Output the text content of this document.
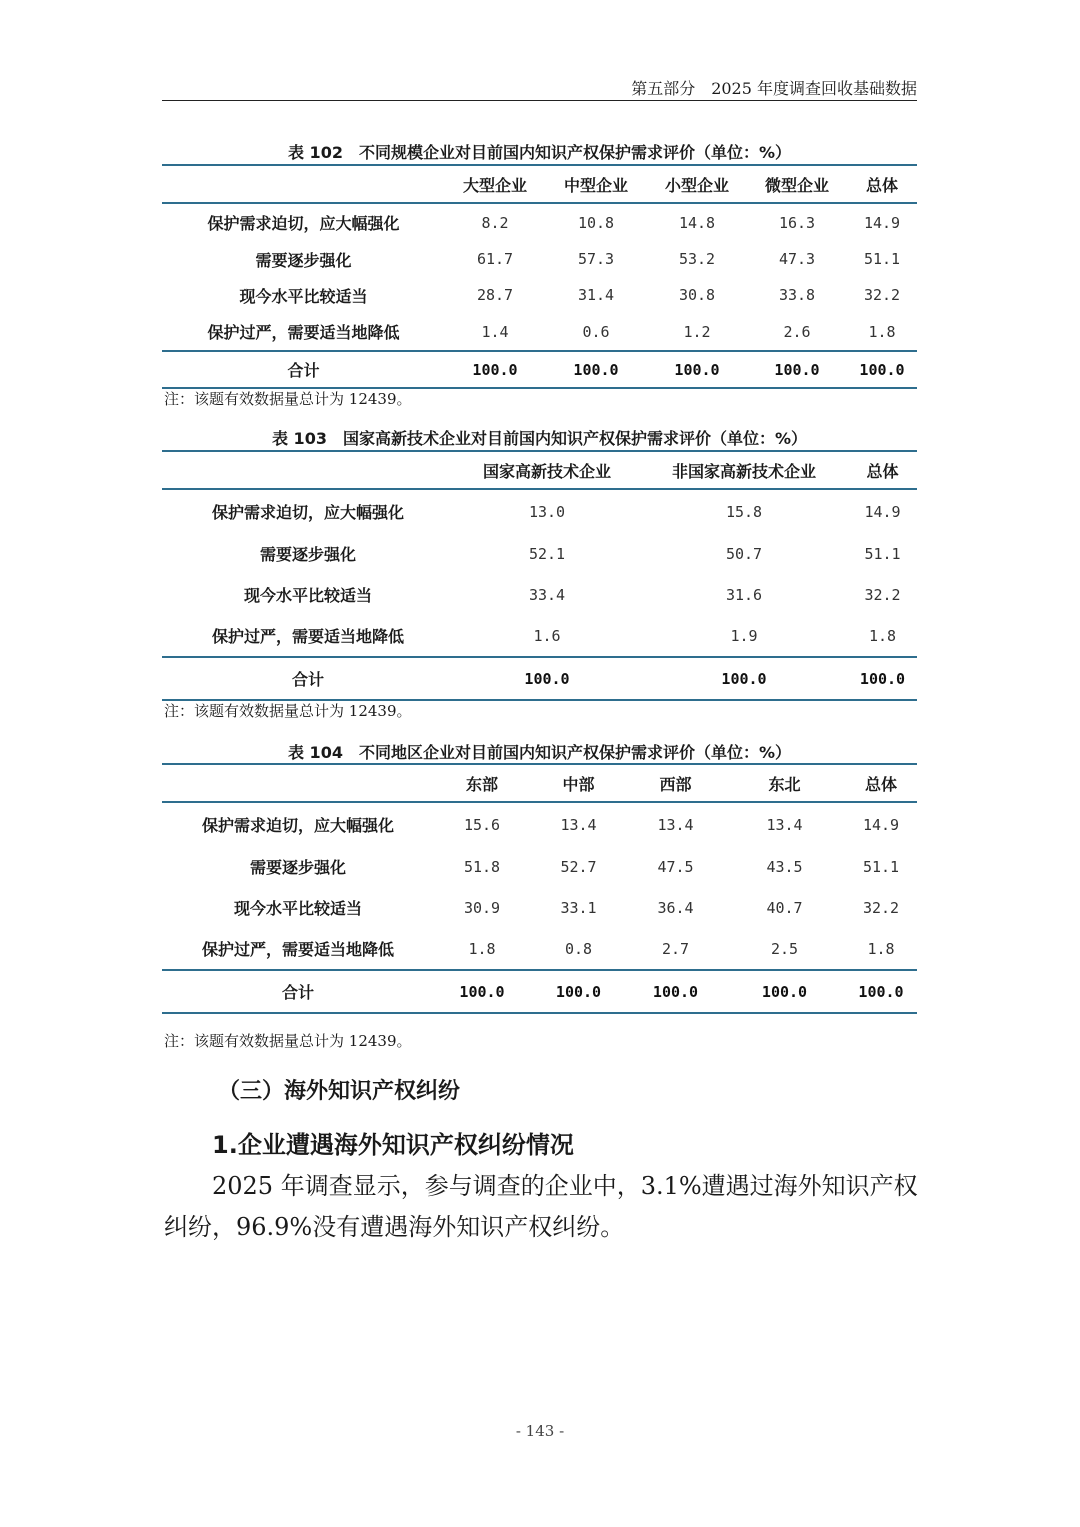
第五部分　2025 年度调查回收基础数据
表 102　不同规模企业对目前国内知识产权保护需求评价（单位：%）
	大型企业	中型企业	小型企业	微型企业	总体
保护需求迫切，应大幅强化	8.2	10.8	14.8	16.3	14.9
需要逐步强化	61.7	57.3	53.2	47.3	51.1
现今水平比较适当	28.7	31.4	30.8	33.8	32.2
保护过严，需要适当地降低	1.4	0.6	1.2	2.6	1.8
合计	100.0	100.0	100.0	100.0	100.0
注：该题有效数据量总计为 12439。
表 103　国家高新技术企业对目前国内知识产权保护需求评价（单位：%）
	国家高新技术企业	非国家高新技术企业	总体
保护需求迫切，应大幅强化	13.0	15.8	14.9
需要逐步强化	52.1	50.7	51.1
现今水平比较适当	33.4	31.6	32.2
保护过严，需要适当地降低	1.6	1.9	1.8
合计	100.0	100.0	100.0
注：该题有效数据量总计为 12439。
表 104　不同地区企业对目前国内知识产权保护需求评价（单位：%）
	东部	中部	西部	东北	总体
保护需求迫切，应大幅强化	15.6	13.4	13.4	13.4	14.9
需要逐步强化	51.8	52.7	47.5	43.5	51.1
现今水平比较适当	30.9	33.1	36.4	40.7	32.2
保护过严，需要适当地降低	1.8	0.8	2.7	2.5	1.8
合计	100.0	100.0	100.0	100.0	100.0
注：该题有效数据量总计为 12439。
（三）海外知识产权纠纷
1.企业遭遇海外知识产权纠纷情况
2025 年调查显示，参与调查的企业中，3.1%遭遇过海外知识产权纠纷，96.9%没有遭遇海外知识产权纠纷。
- 143 -
